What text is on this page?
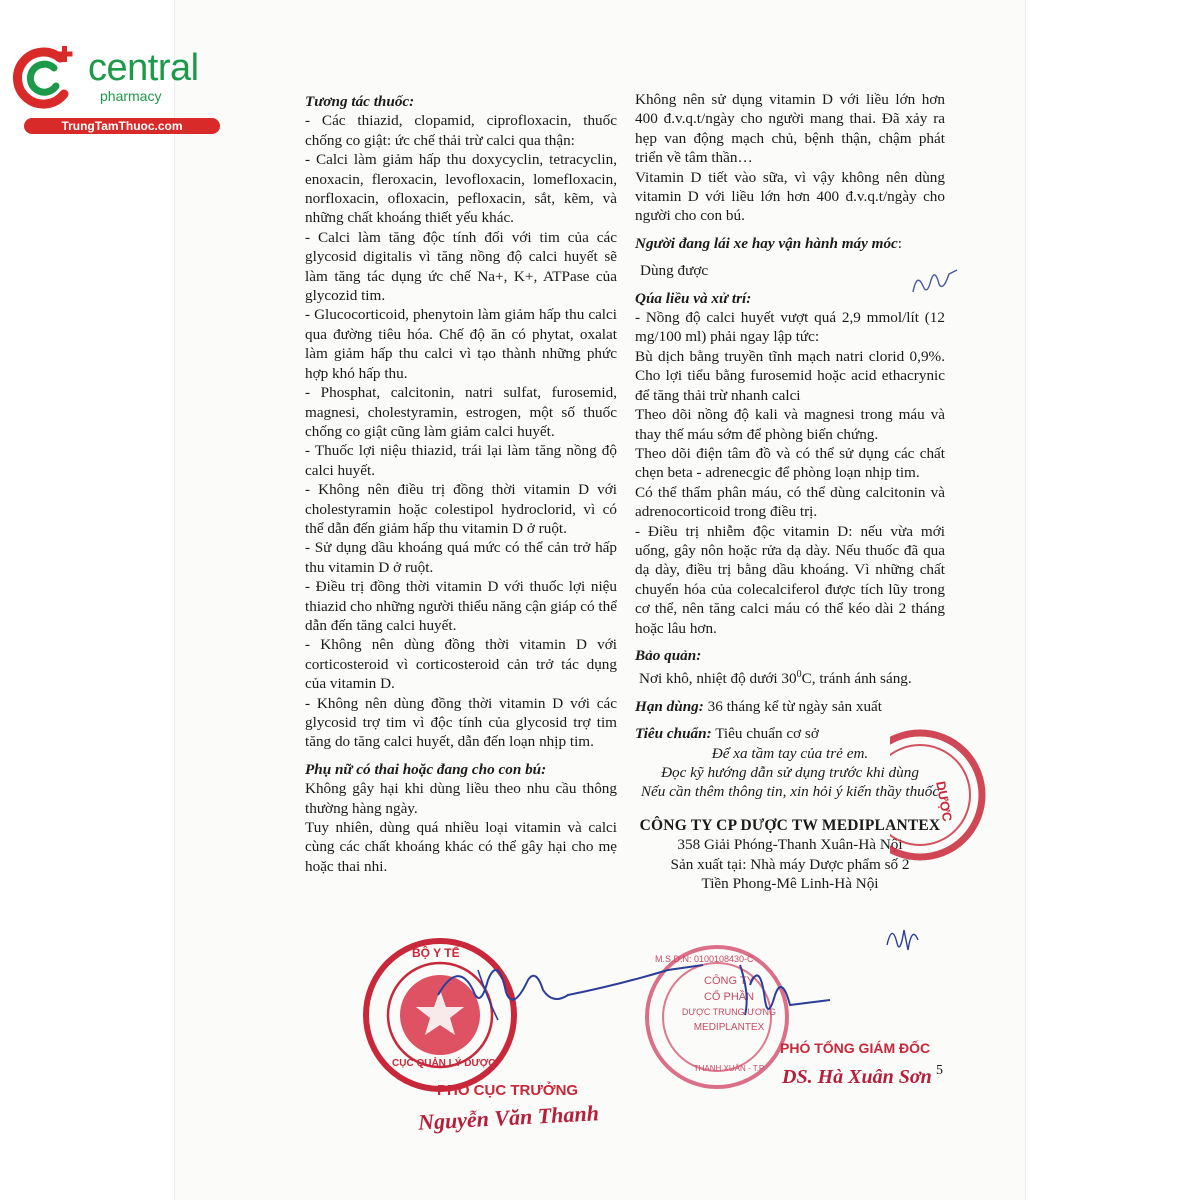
central
pharmacy
TrungTamThuoc.com

Tương tác thuốc:

- Các thiazid, clopamid, ciprofloxacin, thuốc chống co giật: ức chế thải trừ calci qua thận:

- Calci làm giảm hấp thu doxycyclin, tetracyclin, enoxacin, fleroxacin, levofloxacin, lomefloxacin, norfloxacin, ofloxacin, pefloxacin, sắt, kẽm, và những chất khoáng thiết yếu khác.

- Calci làm tăng độc tính đối với tim của các glycosid digitalis vì tăng nồng độ calci huyết sẽ làm tăng tác dụng ức chế Na+, K+, ATPase của glycozid tim.

- Glucocorticoid, phenytoin làm giảm hấp thu calci qua đường tiêu hóa. Chế độ ăn có phytat, oxalat làm giảm hấp thu calci vì tạo thành những phức hợp khó hấp thu.

- Phosphat, calcitonin, natri sulfat, furosemid, magnesi, cholestyramin, estrogen, một số thuốc chống co giật cũng làm giảm calci huyết.

- Thuốc lợi niệu thiazid, trái lại làm tăng nồng độ calci huyết.

- Không nên điều trị đồng thời vitamin D với cholestyramin hoặc colestipol hydroclorid, vì có thể dẫn đến giảm hấp thu vitamin D ở ruột.

- Sử dụng dầu khoáng quá mức có thể cản trở hấp thu vitamin D ở ruột.

- Điều trị đồng thời vitamin D với thuốc lợi niệu thiazid cho những người thiểu năng cận giáp có thể dẫn đến tăng calci huyết.

- Không nên dùng đồng thời vitamin D với corticosteroid vì corticosteroid cản trở tác dụng của vitamin D.

- Không nên dùng đồng thời vitamin D với các glycosid trợ tim vì độc tính của glycosid trợ tim tăng do tăng calci huyết, dẫn đến loạn nhịp tim.

Phụ nữ có thai hoặc đang cho con bú:

Không gây hại khi dùng liều theo nhu cầu thông thường hàng ngày.

Tuy nhiên, dùng quá nhiều loại vitamin và calci cùng các chất khoáng khác có thể gây hại cho mẹ hoặc thai nhi.

Không nên sử dụng vitamin D với liều lớn hơn 400 đ.v.q.t/ngày cho người mang thai. Đã xảy ra hẹp van động mạch chủ, bệnh thận, chậm phát triển về tâm thần…

Vitamin D tiết vào sữa, vì vậy không nên dùng vitamin D với liều lớn hơn 400 đ.v.q.t/ngày cho người cho con bú.

Người đang lái xe hay vận hành máy móc:

Dùng được

Qúa liều và xử trí:

- Nồng độ calci huyết vượt quá 2,9 mmol/lít (12 mg/100 ml) phải ngay lập tức:

Bù dịch bằng truyền tĩnh mạch natri clorid 0,9%. Cho lợi tiểu bằng furosemid hoặc acid ethacrynic để tăng thải trừ nhanh calci

Theo dõi nồng độ kali và magnesi trong máu và thay thế máu sớm để phòng biến chứng.

Theo dõi điện tâm đồ và có thể sử dụng các chất chẹn beta - adrenecgic để phòng loạn nhịp tim.

Có thể thẩm phân máu, có thể dùng calcitonin và adrenocorticoid trong điều trị.

- Điều trị nhiễm độc vitamin D: nếu vừa mới uống, gây nôn hoặc rửa dạ dày. Nếu thuốc đã qua dạ dày, điều trị bằng dầu khoáng. Vì những chất chuyển hóa của colecalciferol được tích lũy trong cơ thể, nên tăng calci máu có thể kéo dài 2 tháng hoặc lâu hơn.

Bảo quản:

Nơi khô, nhiệt độ dưới $30^0C$, tránh ánh sáng.

Hạn dùng: 36 tháng kể từ ngày sản xuất

Tiêu chuẩn: Tiêu chuẩn cơ sở

Để xa tầm tay của trẻ em.

Đọc kỹ hướng dẫn sử dụng trước khi dùng

Nếu cần thêm thông tin, xin hỏi ý kiến thầy thuốc

CÔNG TY CP DƯỢC TW MEDIPLANTEX

358 Giải Phóng-Thanh Xuân-Hà Nội

Sản xuất tại: Nhà máy Dược phẩm số 2

Tiền Phong-Mê Linh-Hà Nội

DƯỢC
BỘ Y TẾ
CỤC QUẢN LÝ DƯỢC
M.S.D.N: 0100108430-C
CÔNG TY
CỔ PHẦN
DƯỢC TRUNG ƯƠNG
MEDIPLANTEX
THANH XUÂN - T.P
PHÓ CỤC TRƯỞNG
Nguyễn Văn Thanh
PHÓ TỔNG GIÁM ĐỐC
DS. Hà Xuân Sơn 5
